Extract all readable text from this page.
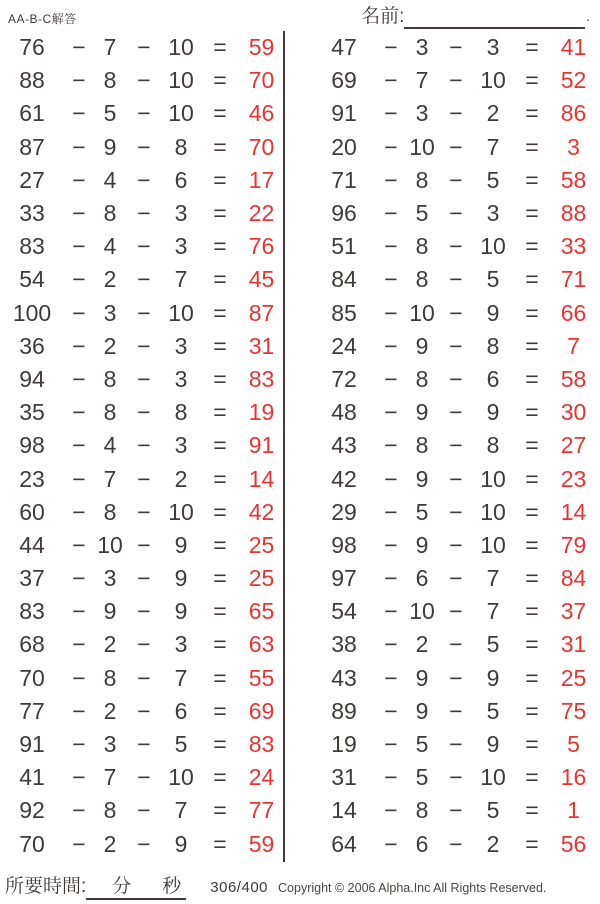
AA-B-C解答	名前:	.
76	− 7 − 10 = 59
88	− 8 − 10 = 70
61	− 5 − 10 = 46
87	− 9 −	8	= 70
27	− 4 −	6	= 17
33	− 8 −	3	= 22
83	− 4 −	3	= 76
54	− 2 −	7	= 45
100 − 3 − 10 = 87
36	− 2 −	3	= 31
94	− 8 −	3	= 83
35	− 8 −	8	= 19
98	− 4 −	3	= 91
23	− 7 −	2	= 14
60	− 8 − 10 = 42
44	− 10 −	9	= 25
37	− 3 −	9	= 25
83	− 9 −	9	= 65
68	− 2 −	3	= 63
70	− 8 −	7	= 55
77	− 2 −	6	= 69
91	− 3 −	5	= 83
41	− 7 − 10 = 24
92	− 8 −	7	= 77
70	− 2 −	9	= 59
47	− 3 −	3	= 41
69	− 7 − 10 = 52
91	− 3 −	2	= 86
20	− 10 −	7	=	3
71	− 8 −	5	= 58
96	− 5 −	3	= 88
51	− 8 − 10 = 33
84	− 8 −	5	= 71
85	− 10 −	9	= 66
24	− 9 −	8	=	7
72	− 8 −	6	= 58
48	− 9 −	9	= 30
43	− 8 −	8	= 27
42	− 9 − 10 = 23
29	− 5 − 10 = 14
98	− 9 − 10 = 79
97	− 6 −	7	= 84
54	− 10 −	7	= 37
38	− 2 −	5	= 31
43	− 9 −	9	= 25
89	− 9 −	5	= 75
19	− 5 −	9	=	5
31	− 5 − 10 = 16
14	− 8 −	5	=	1
64	− 6 −	2	= 56
所要時間:	分	秒	306/400 Copyright © 2006 Alpha.Inc All Rights Reserved.
